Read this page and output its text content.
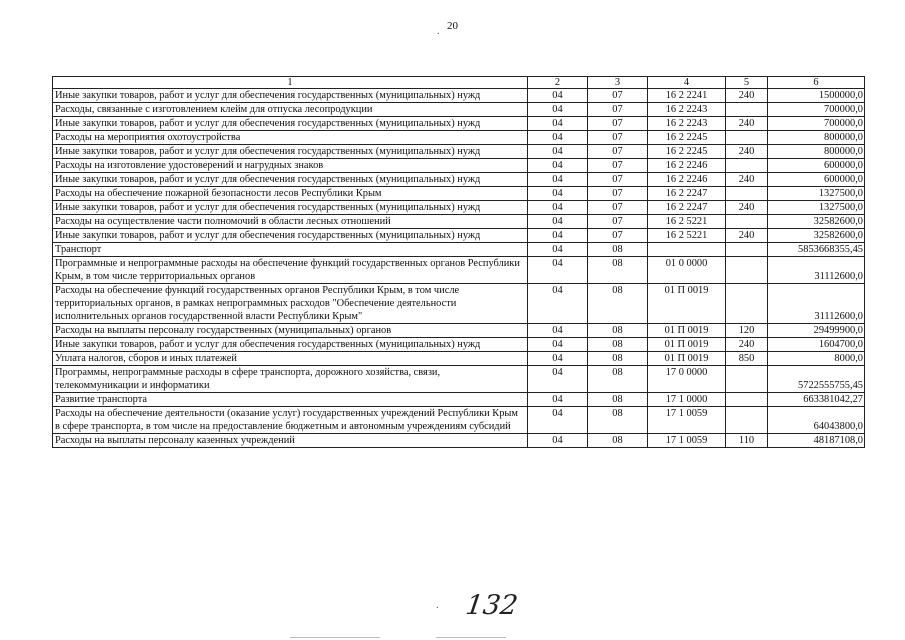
20
1	2	3	4	5	6
Иные закупки товаров, работ и услуг для обеспечения государственных (муниципальных) нужд	04	07	16 2 2241	240	1500000,0
Расходы, связанные с изготовлением клейм для отпуска лесопродукции	04	07	16 2 2243		700000,0
Иные закупки товаров, работ и услуг для обеспечения государственных (муниципальных) нужд	04	07	16 2 2243	240	700000,0
Расходы на мероприятия охотоустройства	04	07	16 2 2245		800000,0
Иные закупки товаров, работ и услуг для обеспечения государственных (муниципальных) нужд	04	07	16 2 2245	240	800000,0
Расходы на изготовление удостоверений и нагрудных знаков	04	07	16 2 2246		600000,0
Иные закупки товаров, работ и услуг для обеспечения государственных (муниципальных) нужд	04	07	16 2 2246	240	600000,0
Расходы на обеспечение пожарной безопасности лесов Республики Крым	04	07	16 2 2247		1327500,0
Иные закупки товаров, работ и услуг для обеспечения государственных (муниципальных) нужд	04	07	16 2 2247	240	1327500,0
Расходы на осуществление части полномочий в области лесных отношений	04	07	16 2 5221		32582600,0
Иные закупки товаров, работ и услуг для обеспечения государственных (муниципальных) нужд	04	07	16 2 5221	240	32582600,0
Транспорт	04	08			5853668355,45
Программные и непрограммные расходы на обеспечение функций государственных органов Республики Крым, в том числе территориальных органов	04	08	01 0 0000		31112600,0
Расходы на обеспечение функций государственных органов Республики Крым, в том числе территориальных органов, в рамках непрограммных расходов "Обеспечение деятельности исполнительных органов государственной власти Республики Крым"	04	08	01 П 0019		31112600,0
Расходы на выплаты персоналу государственных (муниципальных) органов	04	08	01 П 0019	120	29499900,0
Иные закупки товаров, работ и услуг для обеспечения государственных (муниципальных) нужд	04	08	01 П 0019	240	1604700,0
Уплата налогов, сборов и иных платежей	04	08	01 П 0019	850	8000,0
Программы, непрограммные расходы в сфере транспорта, дорожного хозяйства, связи, телекоммуникации и информатики	04	08	17 0 0000		5722555755,45
Развитие транспорта	04	08	17 1 0000		663381042,27
Расходы на обеспечение деятельности (оказание услуг) государственных учреждений Республики Крым в сфере транспорта, в том числе на предоставление бюджетным и автономным учреждениям субсидий	04	08	17 1 0059		64043800,0
Расходы на выплаты персоналу казенных учреждений	04	08	17 1 0059	110	48187108,0
.
. 132
